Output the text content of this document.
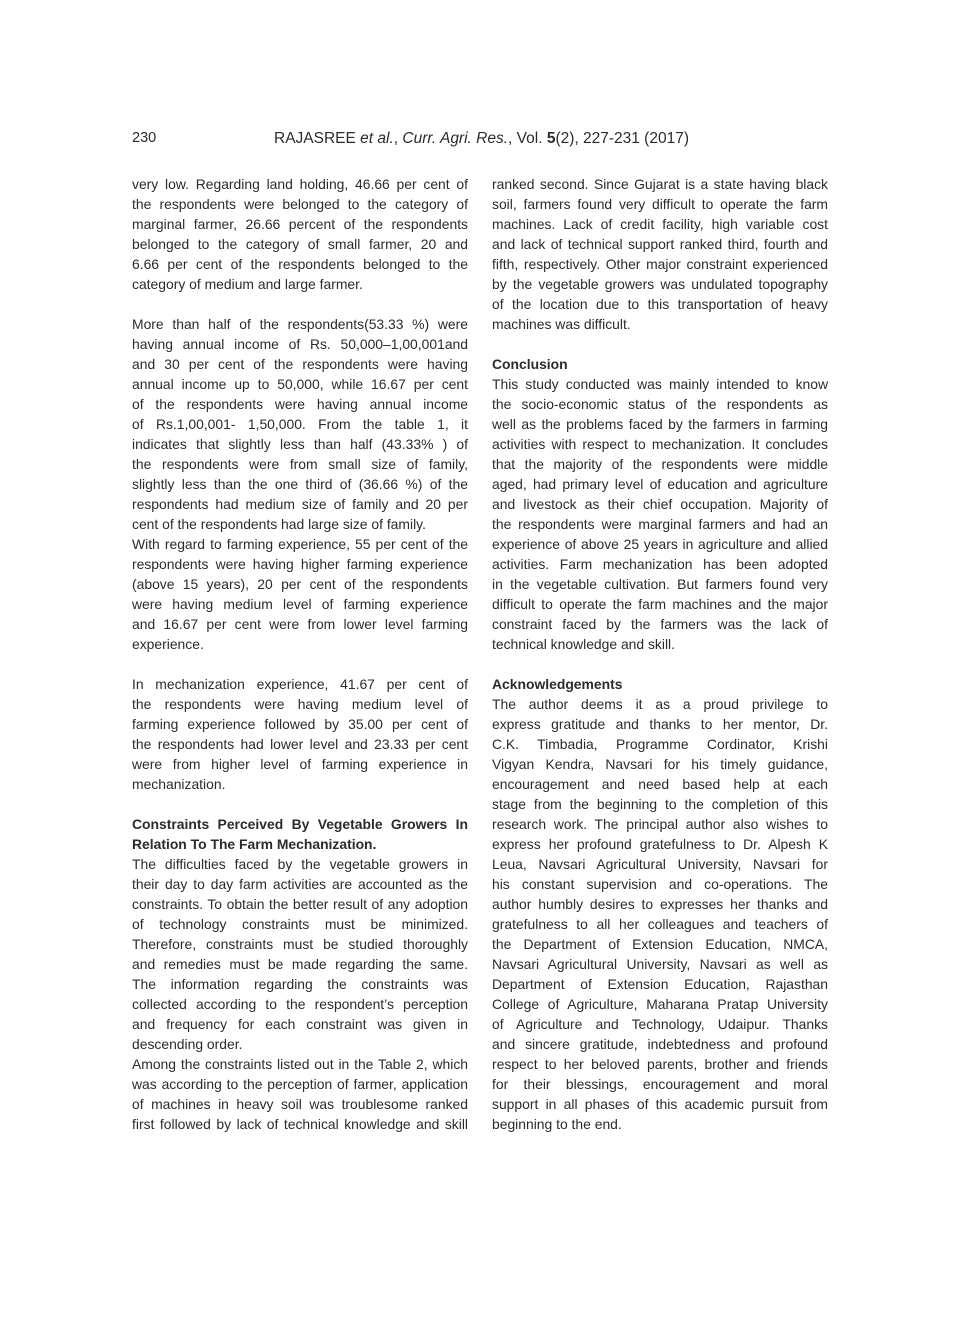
230	RAJASREE et al., Curr. Agri. Res., Vol. 5(2), 227-231 (2017)
very low. Regarding land holding, 46.66 per cent of
the respondents were belonged to the category of
marginal farmer, 26.66 percent of the respondents
belonged to the category of small farmer, 20 and
6.66 per cent of the respondents belonged to the
category of medium and large farmer.
More than half of the respondents(53.33 %) were
having annual income of Rs. 50,000–1,00,001and
and 30 per cent of the respondents were having
annual income up to 50,000, while 16.67 per cent
of the respondents were having annual income
of Rs.1,00,001- 1,50,000. From the table 1, it
indicates that slightly less than half (43.33% ) of
the respondents were from small size of family,
slightly less than the one third of (36.66 %) of the
respondents had medium size of family and 20 per
cent of the respondents had large size of family.
With regard to farming experience, 55 per cent of the
respondents were having higher farming experience
(above 15 years), 20 per cent of the respondents
were having medium level of farming experience
and 16.67 per cent were from lower level farming
experience.
In mechanization experience, 41.67 per cent of
the respondents were having medium level of
farming experience followed by 35.00 per cent of
the respondents had lower level and 23.33 per cent
were from higher level of farming experience in
mechanization.
Constraints Perceived By Vegetable Growers In
Relation To The Farm Mechanization.
The difficulties faced by the vegetable growers in
their day to day farm activities are accounted as the
constraints. To obtain the better result of any adoption
of technology constraints must be minimized.
Therefore, constraints must be studied thoroughly
and remedies must be made regarding the same.
The information regarding the constraints was
collected according to the respondent’s perception
and frequency for each constraint was given in
descending order.
Among the constraints listed out in the Table 2, which
was according to the perception of farmer, application
of machines in heavy soil was troublesome ranked
first followed by lack of technical knowledge and skill
ranked second. Since Gujarat is a state having black
soil, farmers found very difficult to operate the farm
machines. Lack of credit facility, high variable cost
and lack of technical support ranked third, fourth and
fifth, respectively. Other major constraint experienced
by the vegetable growers was undulated topography
of the location due to this transportation of heavy
machines was difficult.
Conclusion
This study conducted was mainly intended to know
the socio-economic status of the respondents as
well as the problems faced by the farmers in farming
activities with respect to mechanization. It concludes
that the majority of the respondents were middle
aged, had primary level of education and agriculture
and livestock as their chief occupation. Majority of
the respondents were marginal farmers and had an
experience of above 25 years in agriculture and allied
activities. Farm mechanization has been adopted
in the vegetable cultivation. But farmers found very
difficult to operate the farm machines and the major
constraint faced by the farmers was the lack of
technical knowledge and skill.
Acknowledgements
The author deems it as a proud privilege to
express gratitude and thanks to her mentor, Dr.
C.K. Timbadia, Programme Cordinator, Krishi
Vigyan Kendra, Navsari for his timely guidance,
encouragement and need based help at each
stage from the beginning to the completion of this
research work. The principal author also wishes to
express her profound gratefulness to Dr. Alpesh K
Leua, Navsari Agricultural University, Navsari for
his constant supervision and co-operations. The
author humbly desires to expresses her thanks and
gratefulness to all her colleagues and teachers of
the Department of Extension Education, NMCA,
Navsari Agricultural University, Navsari as well as
Department of Extension Education, Rajasthan
College of Agriculture, Maharana Pratap University
of Agriculture and Technology, Udaipur. Thanks
and sincere gratitude, indebtedness and profound
respect to her beloved parents, brother and friends
for their blessings, encouragement and moral
support in all phases of this academic pursuit from
beginning to the end.
